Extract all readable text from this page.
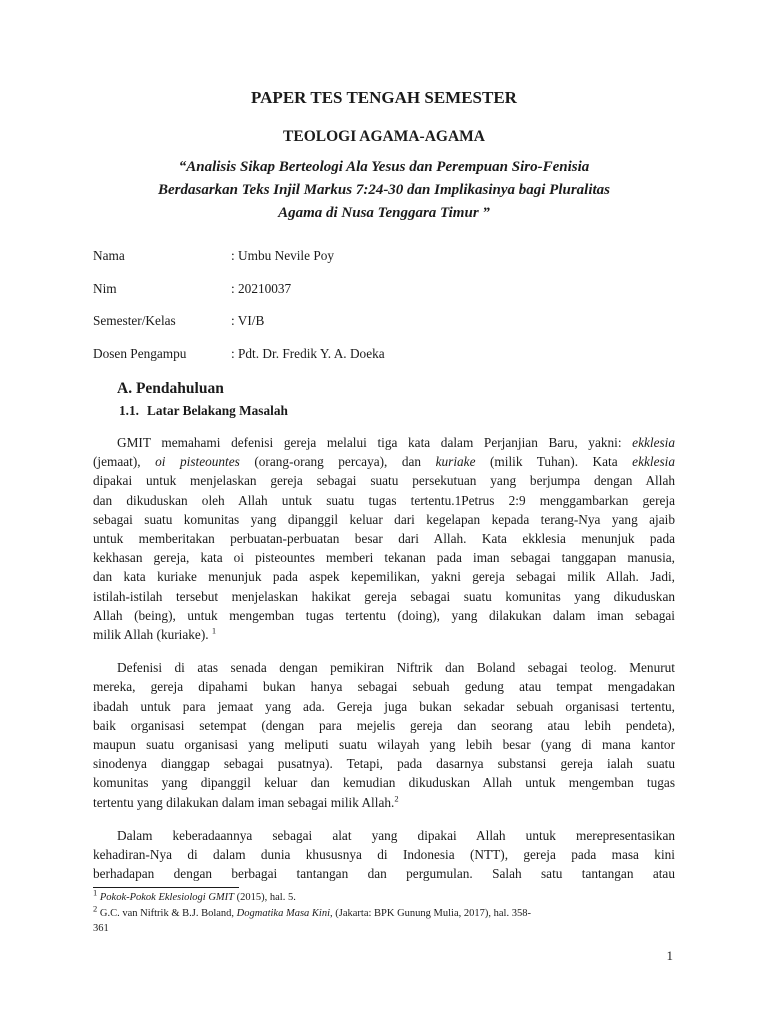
PAPER TES TENGAH SEMESTER
TEOLOGI AGAMA-AGAMA
“Analisis Sikap Berteologi Ala Yesus dan Perempuan Siro-Fenisia
Berdasarkan Teks Injil Markus 7:24-30 dan Implikasinya bagi Pluralitas
Agama di Nusa Tenggara Timur ”
Nama	: Umbu Nevile Poy
Nim	: 20210037
Semester/Kelas	: VI/B
Dosen Pengampu	: Pdt. Dr. Fredik Y. A. Doeka
A. Pendahuluan
1.1. Latar Belakang Masalah
GMIT memahami defenisi gereja melalui tiga kata dalam Perjanjian Baru, yakni: ekklesia
(jemaat), oi pisteountes (orang-orang percaya), dan kuriake (milik Tuhan). Kata ekklesia
dipakai untuk menjelaskan gereja sebagai suatu persekutuan yang berjumpa dengan Allah
dan dikuduskan oleh Allah untuk suatu tugas tertentu.1Petrus 2:9 menggambarkan gereja
sebagai suatu komunitas yang dipanggil keluar dari kegelapan kepada terang-Nya yang ajaib
untuk memberitakan perbuatan-perbuatan besar dari Allah. Kata ekklesia menunjuk pada
kekhasan gereja, kata oi pisteountes memberi tekanan pada iman sebagai tanggapan manusia,
dan kata kuriake menunjuk pada aspek kepemilikan, yakni gereja sebagai milik Allah. Jadi,
istilah-istilah tersebut menjelaskan hakikat gereja sebagai suatu komunitas yang dikuduskan
Allah (being), untuk mengemban tugas tertentu (doing), yang dilakukan dalam iman sebagai
milik Allah (kuriake). $^1$
Defenisi di atas senada dengan pemikiran Niftrik dan Boland sebagai teolog. Menurut
mereka, gereja dipahami bukan hanya sebagai sebuah gedung atau tempat mengadakan
ibadah untuk para jemaat yang ada. Gereja juga bukan sekadar sebuah organisasi tertentu,
baik organisasi setempat (dengan para mejelis gereja dan seorang atau lebih pendeta),
maupun suatu organisasi yang meliputi suatu wilayah yang lebih besar (yang di mana kantor
sinodenya dianggap sebagai pusatnya). Tetapi, pada dasarnya substansi gereja ialah suatu
komunitas yang dipanggil keluar dan kemudian dikuduskan Allah untuk mengemban tugas
tertentu yang dilakukan dalam iman sebagai milik Allah.$^2$
Dalam keberadaannya sebagai alat yang dipakai Allah untuk merepresentasikan
kehadiran-Nya di dalam dunia khususnya di Indonesia (NTT), gereja pada masa kini
berhadapan dengan berbagai tantangan dan pergumulan. Salah satu tantangan atau
$^1$ Pokok-Pokok Eklesiologi GMIT (2015), hal. 5.
$^2$ G.C. van Niftrik & B.J. Boland, Dogmatika Masa Kini, (Jakarta: BPK Gunung Mulia, 2017), hal. 358-
361
1
